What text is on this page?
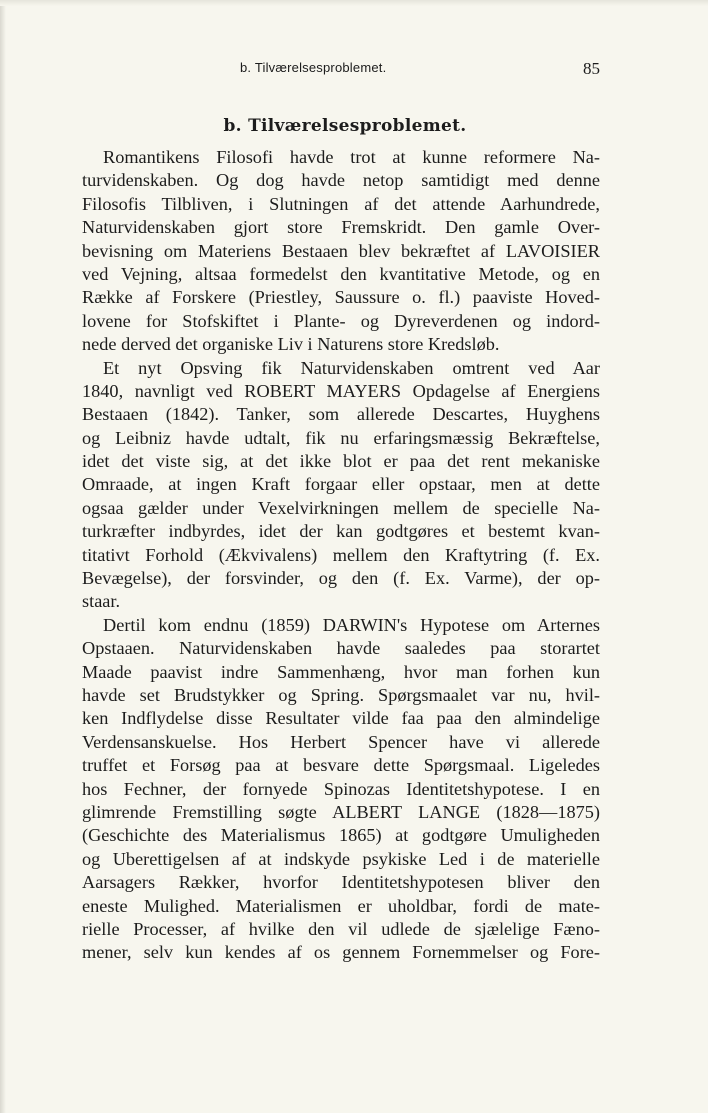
b. Tilværelsesproblemet.	85
b. Tilværelsesproblemet.
Romantikens Filosofi havde trot at kunne reformere Na-
turvidenskaben. Og dog havde netop samtidigt med denne
Filosofis Tilbliven, i Slutningen af det attende Aarhundrede,
Naturvidenskaben gjort store Fremskridt. Den gamle Over-
bevisning om Materiens Bestaaen blev bekræftet af LAVOISIER
ved Vejning, altsaa formedelst den kvantitative Metode, og en
Række af Forskere (Priestley, Saussure o. fl.) paaviste Hoved-
lovene for Stofskiftet i Plante- og Dyreverdenen og indord-
nede derved det organiske Liv i Naturens store Kredsløb.
Et nyt Opsving fik Naturvidenskaben omtrent ved Aar
1840, navnligt ved ROBERT MAYERS Opdagelse af Energiens
Bestaaen (1842). Tanker, som allerede Descartes, Huyghens
og Leibniz havde udtalt, fik nu erfaringsmæssig Bekræftelse,
idet det viste sig, at det ikke blot er paa det rent mekaniske
Omraade, at ingen Kraft forgaar eller opstaar, men at dette
ogsaa gælder under Vexelvirkningen mellem de specielle Na-
turkræfter indbyrdes, idet der kan godtgøres et bestemt kvan-
titativt Forhold (Ækvivalens) mellem den Kraftytring (f. Ex.
Bevægelse), der forsvinder, og den (f. Ex. Varme), der op-
staar.
Dertil kom endnu (1859) DARWIN's Hypotese om Arternes
Opstaaen. Naturvidenskaben havde saaledes paa storartet
Maade paavist indre Sammenhæng, hvor man forhen kun
havde set Brudstykker og Spring. Spørgsmaalet var nu, hvil-
ken Indflydelse disse Resultater vilde faa paa den almindelige
Verdensanskuelse. Hos Herbert Spencer have vi allerede
truffet et Forsøg paa at besvare dette Spørgsmaal. Ligeledes
hos Fechner, der fornyede Spinozas Identitetshypotese. I en
glimrende Fremstilling søgte ALBERT LANGE (1828—1875)
(Geschichte des Materialismus 1865) at godtgøre Umuligheden
og Uberettigelsen af at indskyde psykiske Led i de materielle
Aarsagers Rækker, hvorfor Identitetshypotesen bliver den
eneste Mulighed. Materialismen er uholdbar, fordi de mate-
rielle Processer, af hvilke den vil udlede de sjælelige Fæno-
mener, selv kun kendes af os gennem Fornemmelser og Fore-
